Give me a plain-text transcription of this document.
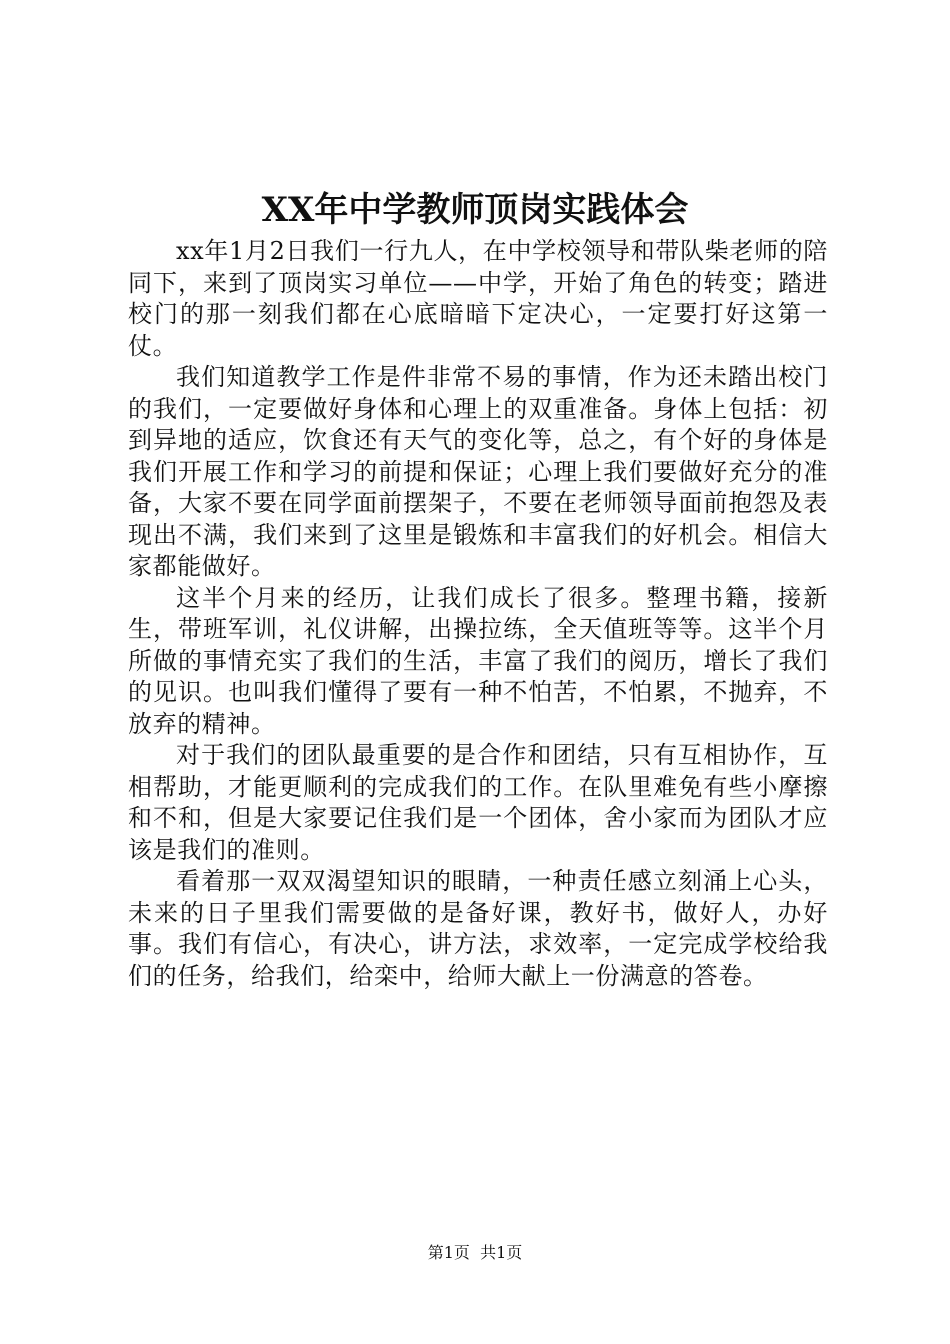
XX年中学教师顶岗实践体会

xx年1月2日我们一行九人，在中学校领导和带队柴老师的陪同下，来到了顶岗实习单位——中学，开始了角色的转变；踏进校门的那一刻我们都在心底暗暗下定决心，一定要打好这第一仗。

我们知道教学工作是件非常不易的事情，作为还未踏出校门的我们，一定要做好身体和心理上的双重准备。身体上包括：初到异地的适应，饮食还有天气的变化等，总之，有个好的身体是我们开展工作和学习的前提和保证；心理上我们要做好充分的准备，大家不要在同学面前摆架子，不要在老师领导面前抱怨及表现出不满，我们来到了这里是锻炼和丰富我们的好机会。相信大家都能做好。

这半个月来的经历，让我们成长了很多。整理书籍，接新生，带班军训，礼仪讲解，出操拉练，全天值班等等。这半个月所做的事情充实了我们的生活，丰富了我们的阅历，增长了我们的见识。也叫我们懂得了要有一种不怕苦，不怕累，不抛弃，不放弃的精神。

对于我们的团队最重要的是合作和团结，只有互相协作，互相帮助，才能更顺利的完成我们的工作。在队里难免有些小摩擦和不和，但是大家要记住我们是一个团体，舍小家而为团队才应该是我们的准则。

看着那一双双渴望知识的眼睛，一种责任感立刻涌上心头，未来的日子里我们需要做的是备好课，教好书，做好人，办好事。我们有信心，有决心，讲方法，求效率，一定完成学校给我们的任务，给我们，给栾中，给师大献上一份满意的答卷。

第1页  共1页
